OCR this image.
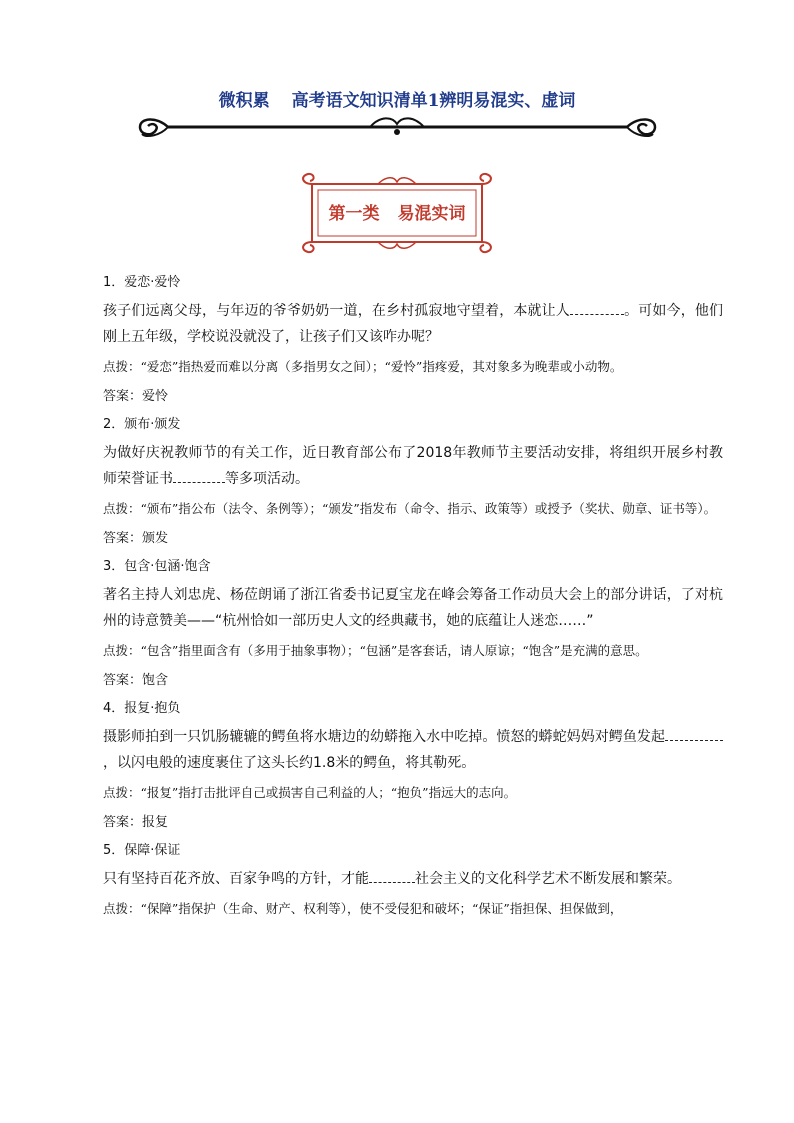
微积累 高考语文知识清单1辨明易混实、虚词
第一类 易混实词

1．爱恋·爱怜

孩子们远离父母，与年迈的爷爷奶奶一道，在乡村孤寂地守望着，本就让人	。可如今，他们刚上五年级，学校说没就没了，让孩子们又该咋办呢？

点拨：“爱恋”指热爱而难以分离（多指男女之间）；“爱怜”指疼爱，其对象多为晚辈或小动物。

答案：爱怜

2．颁布·颁发

为做好庆祝教师节的有关工作，近日教育部公布了2018年教师节主要活动安排，将组织开展乡村教师荣誉证书	等多项活动。

点拨：“颁布”指公布（法令、条例等）；“颁发”指发布（命令、指示、政策等）或授予（奖状、勋章、证书等）。

答案：颁发

3．包含·包涵·饱含

著名主持人刘忠虎、杨莅朗诵了浙江省委书记夏宝龙在峰会筹备工作动员大会上的部分讲话，了对杭州的诗意赞美——“杭州恰如一部历史人文的经典藏书，她的底蕴让人迷恋……”

点拨：“包含”指里面含有（多用于抽象事物）；“包涵”是客套话，请人原谅；“饱含”是充满的意思。

答案：饱含

4．报复·抱负

摄影师拍到一只饥肠辘辘的鳄鱼将水塘边的幼蟒拖入水中吃掉。愤怒的蟒蛇妈妈对鳄鱼发起，以闪电般的速度裹住了这头长约1.8米的鳄鱼，将其勒死。

点拨：“报复”指打击批评自己或损害自己利益的人；“抱负”指远大的志向。

答案：报复

5．保障·保证

只有坚持百花齐放、百家争鸣的方针，才能	社会主义的文化科学艺术不断发展和繁荣。

点拨：“保障”指保护（生命、财产、权利等），使不受侵犯和破坏；“保证”指担保、担保做到，
